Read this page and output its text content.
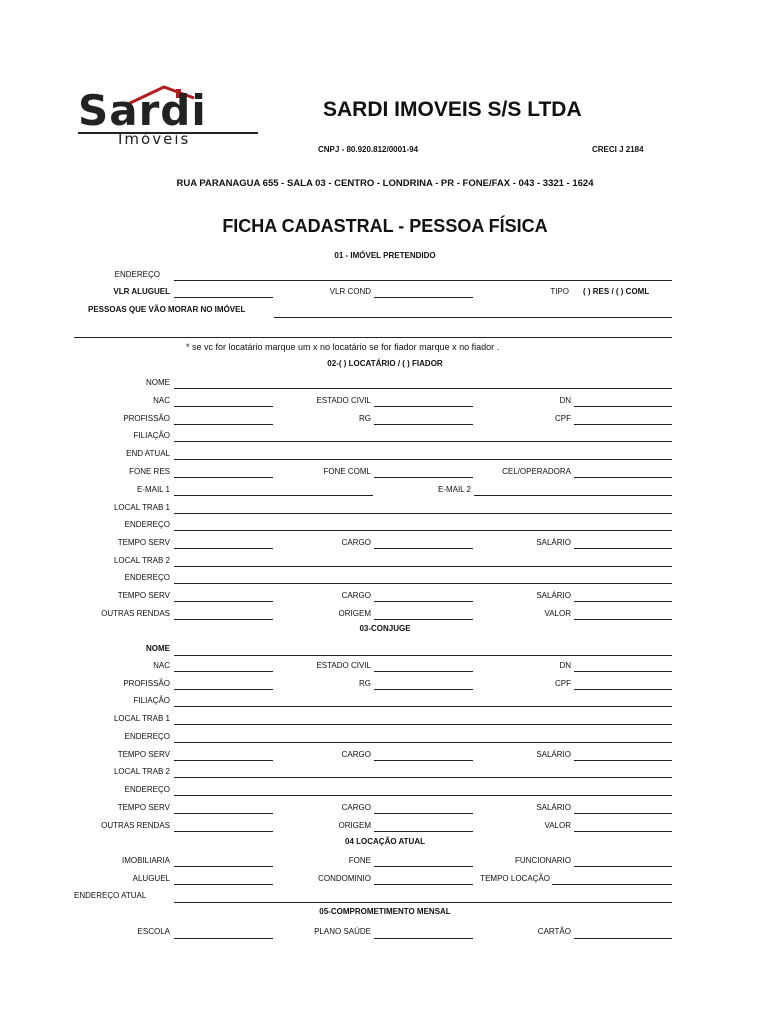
Sardi
Imóveis
SARDI IMOVEIS S/S LTDA
CNPJ - 80.920.812/0001-94	CRECI J 2184
RUA PARANAGUA 655 - SALA 03 - CENTRO - LONDRINA - PR - FONE/FAX - 043 - 3321 - 1624
FICHA CADASTRAL - PESSOA FÍSICA
01 - IMÓVEL PRETENDIDO
ENDEREÇO
VLR ALUGUEL	VLR COND	TIPO ( ) RES / ( ) COML
PESSOAS QUE VÃO MORAR NO IMÓVEL
* se vc for locatário marque um x no locatário se for fiador marque x no fiador .
02-( ) LOCATÁRIO / ( ) FIADOR
NOME
NAC	ESTADO CIVIL	DN
PROFISSÃO	RG	CPF
FILIAÇÃO
END ATUAL
FONE RES	FONE COML	CEL/OPERADORA
E-MAIL 1	E-MAIL 2
LOCAL TRAB 1
ENDEREÇO
TEMPO SERV	CARGO	SALÁRIO
LOCAL TRAB 2
ENDEREÇO
TEMPO SERV	CARGO	SALÁRIO
OUTRAS RENDAS	ORIGEM	VALOR
03-CONJUGE
NOME
NAC	ESTADO CIVIL	DN
PROFISSÃO	RG	CPF
FILIAÇÃO
LOCAL TRAB 1
ENDEREÇO
TEMPO SERV	CARGO	SALÁRIO
LOCAL TRAB 2
ENDEREÇO
TEMPO SERV	CARGO	SALÁRIO
OUTRAS RENDAS	ORIGEM	VALOR
04 LOCAÇÃO ATUAL
IMOBILIARIA	FONE	FUNCIONARIO
ALUGUEL	CONDOMINIO	TEMPO LOCAÇÃO
ENDEREÇO ATUAL
05-COMPROMETIMENTO MENSAL
ESCOLA	PLANO SAÚDE	CARTÃO
